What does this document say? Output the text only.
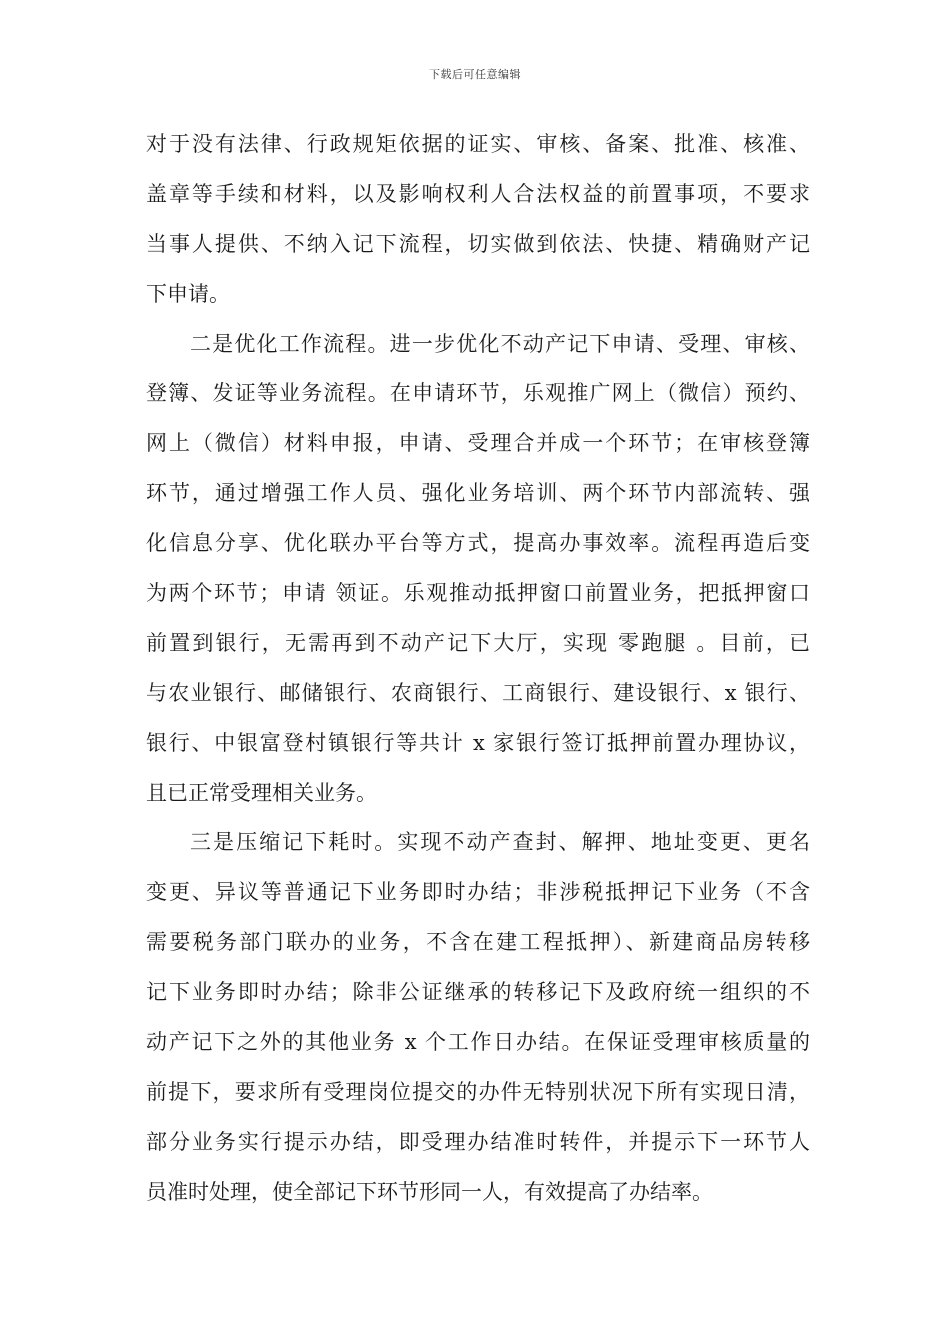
下载后可任意编辑
对于没有法律、行政规矩依据的证实、审核、备案、批准、核准、
盖章等手续和材料，以及影响权利人合法权益的前置事项，不要求
当事人提供、不纳入记下流程，切实做到依法、快捷、精确财产记
下申请。
二是优化工作流程。进一步优化不动产记下申请、受理、审核、
登簿、发证等业务流程。在申请环节，乐观推广网上（微信）预约、
网上（微信）材料申报，申请、受理合并成一个环节；在审核登簿
环节，通过增强工作人员、强化业务培训、两个环节内部流转、强
化信息分享、优化联办平台等方式，提高办事效率。流程再造后变
为两个环节；申请 领证。乐观推动抵押窗口前置业务，把抵押窗口
前置到银行，无需再到不动产记下大厅，实现 零跑腿 。目前，已
与农业银行、邮储银行、农商银行、工商银行、建设银行、x 银行、
银行、中银富登村镇银行等共计 x 家银行签订抵押前置办理协议，
且已正常受理相关业务。
三是压缩记下耗时。实现不动产查封、解押、地址变更、更名
变更、异议等普通记下业务即时办结；非涉税抵押记下业务（不含
需要税务部门联办的业务，不含在建工程抵押）、新建商品房转移
记下业务即时办结；除非公证继承的转移记下及政府统一组织的不
动产记下之外的其他业务 x 个工作日办结。在保证受理审核质量的
前提下，要求所有受理岗位提交的办件无特别状况下所有实现日清，
部分业务实行提示办结，即受理办结准时转件，并提示下一环节人
员准时处理，使全部记下环节形同一人，有效提高了办结率。
